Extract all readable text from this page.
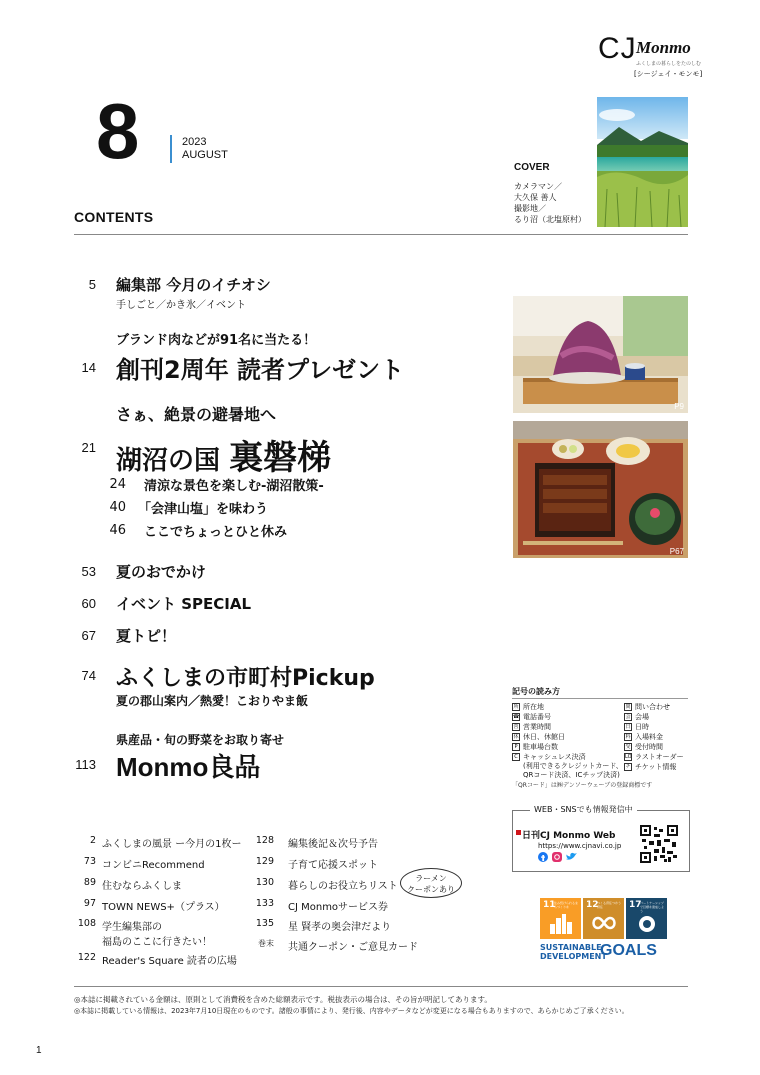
8	2023
AUGUST
CJ Monmo
ふくしまの暮らしをたのしむ
[シージェイ・モンモ]
COVER
カメラマン／
大久保 善人
撮影地／
るり沼（北塩原村）
CONTENTS
5 編集部 今月のイチオシ
手しごと／かき氷／イベント
ブランド肉などが91名に当たる！
14 創刊2周年 読者プレゼント
さぁ、絶景の避暑地へ
21 湖沼の国 裏磐梯
24 清涼な景色を楽しむ-湖沼散策-
40 「会津山塩」を味わう
46 ここでちょっとひと休み
53 夏のおでかけ
60 イベント SPECIAL
67 夏トピ！
74 ふくしまの市町村Pickup
夏の郡山案内／熱愛！こおりやま飯
県産品・旬の野菜をお取り寄せ
113 Monmo良品
P9
P67
記号の読み方
所 所在地
☎ 電話番号
営 営業時間
休 休日、休館日
P 駐車場台数
C キャッシュレス決済
(利用できるクレジットカード、
QRコード決済、ICチップ決済)
問 問い合わせ
会 会場
日 日時
料 入場料金
受 受付時間
LO ラストオーダー
チ チケット情報
「QRコード」は㈱デンソーウェーブの登録商標です
WEB・SNSでも情報発信中
日刊CJ Monmo Web
https://www.cjnavi.co.jp
11
住み続けられるまちづくりを	12
つくる責任つかう責任	17
パートナーシップで目標を達成しよう
SUSTAINABLE
DEVELOPMENT
GOALS
2 ふくしまの風景 ー今月の1枚ー
73 コンビニRecommend
89 住むならふくしま
97 TOWN NEWS+（プラス）
108 学生編集部の
福島のここに行きたい！
122 Reader's Square 読者の広場
128 編集後記＆次号予告
129 子育て応援スポット
130 暮らしのお役立ちリスト
133 CJ Monmoサービス券
135 星 賢孝の奥会津だより
巻末 共通クーポン・ご意見カード
ラーメン
クーポンあり
◎本誌に掲載されている金額は、原則として消費税を含めた総額表示です。税抜表示の場合は、その旨が明記してあります。
◎本誌に掲載している情報は、2023年7月10日現在のものです。諸般の事情により、発行後、内容やデータなどが変更になる場合もありますので、あらかじめご了承ください。
1
